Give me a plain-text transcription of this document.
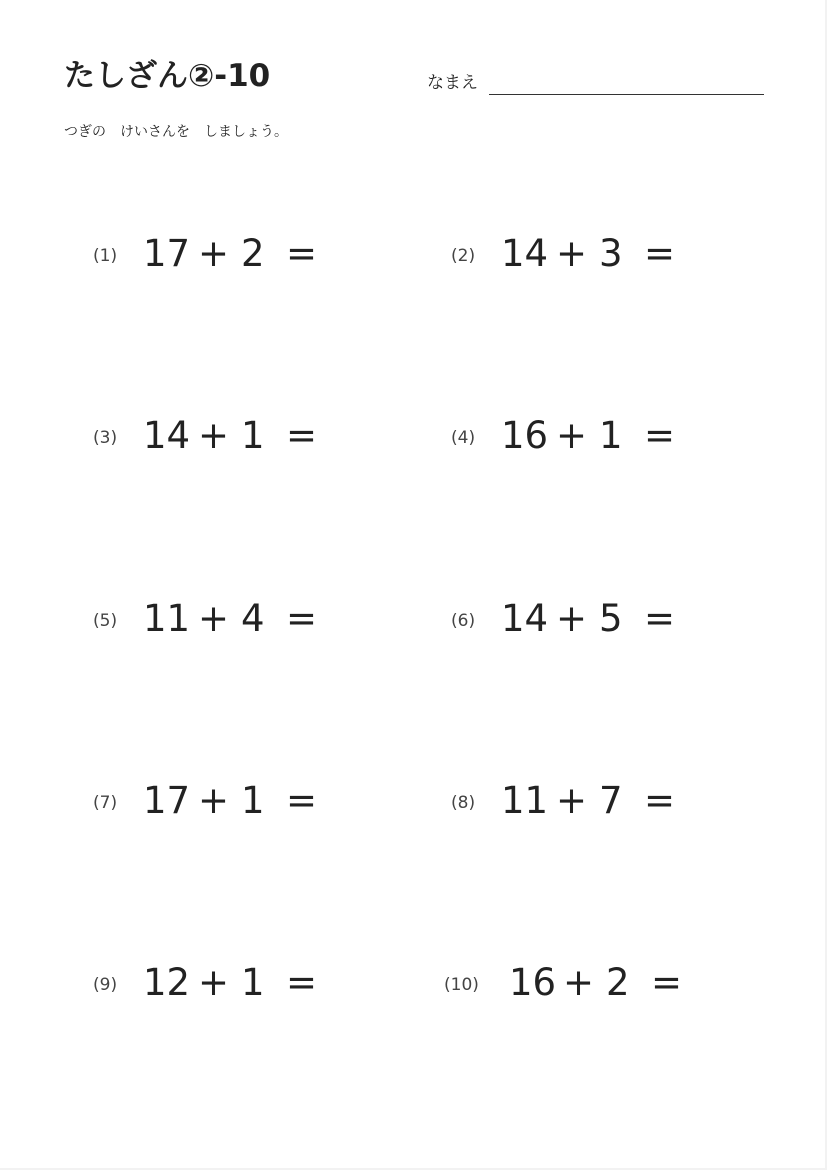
たしざん②-10	なまえ
つぎの　けいさんを　しましょう。
(1) 17 + 2 =
(3) 14 + 1 =
(5) 11 + 4 =
(7) 17 + 1 =
(9) 12 + 1 =
(2) 14 + 3 =
(4) 16 + 1 =
(6) 14 + 5 =
(8) 11 + 7 =
(10) 16 + 2 =
